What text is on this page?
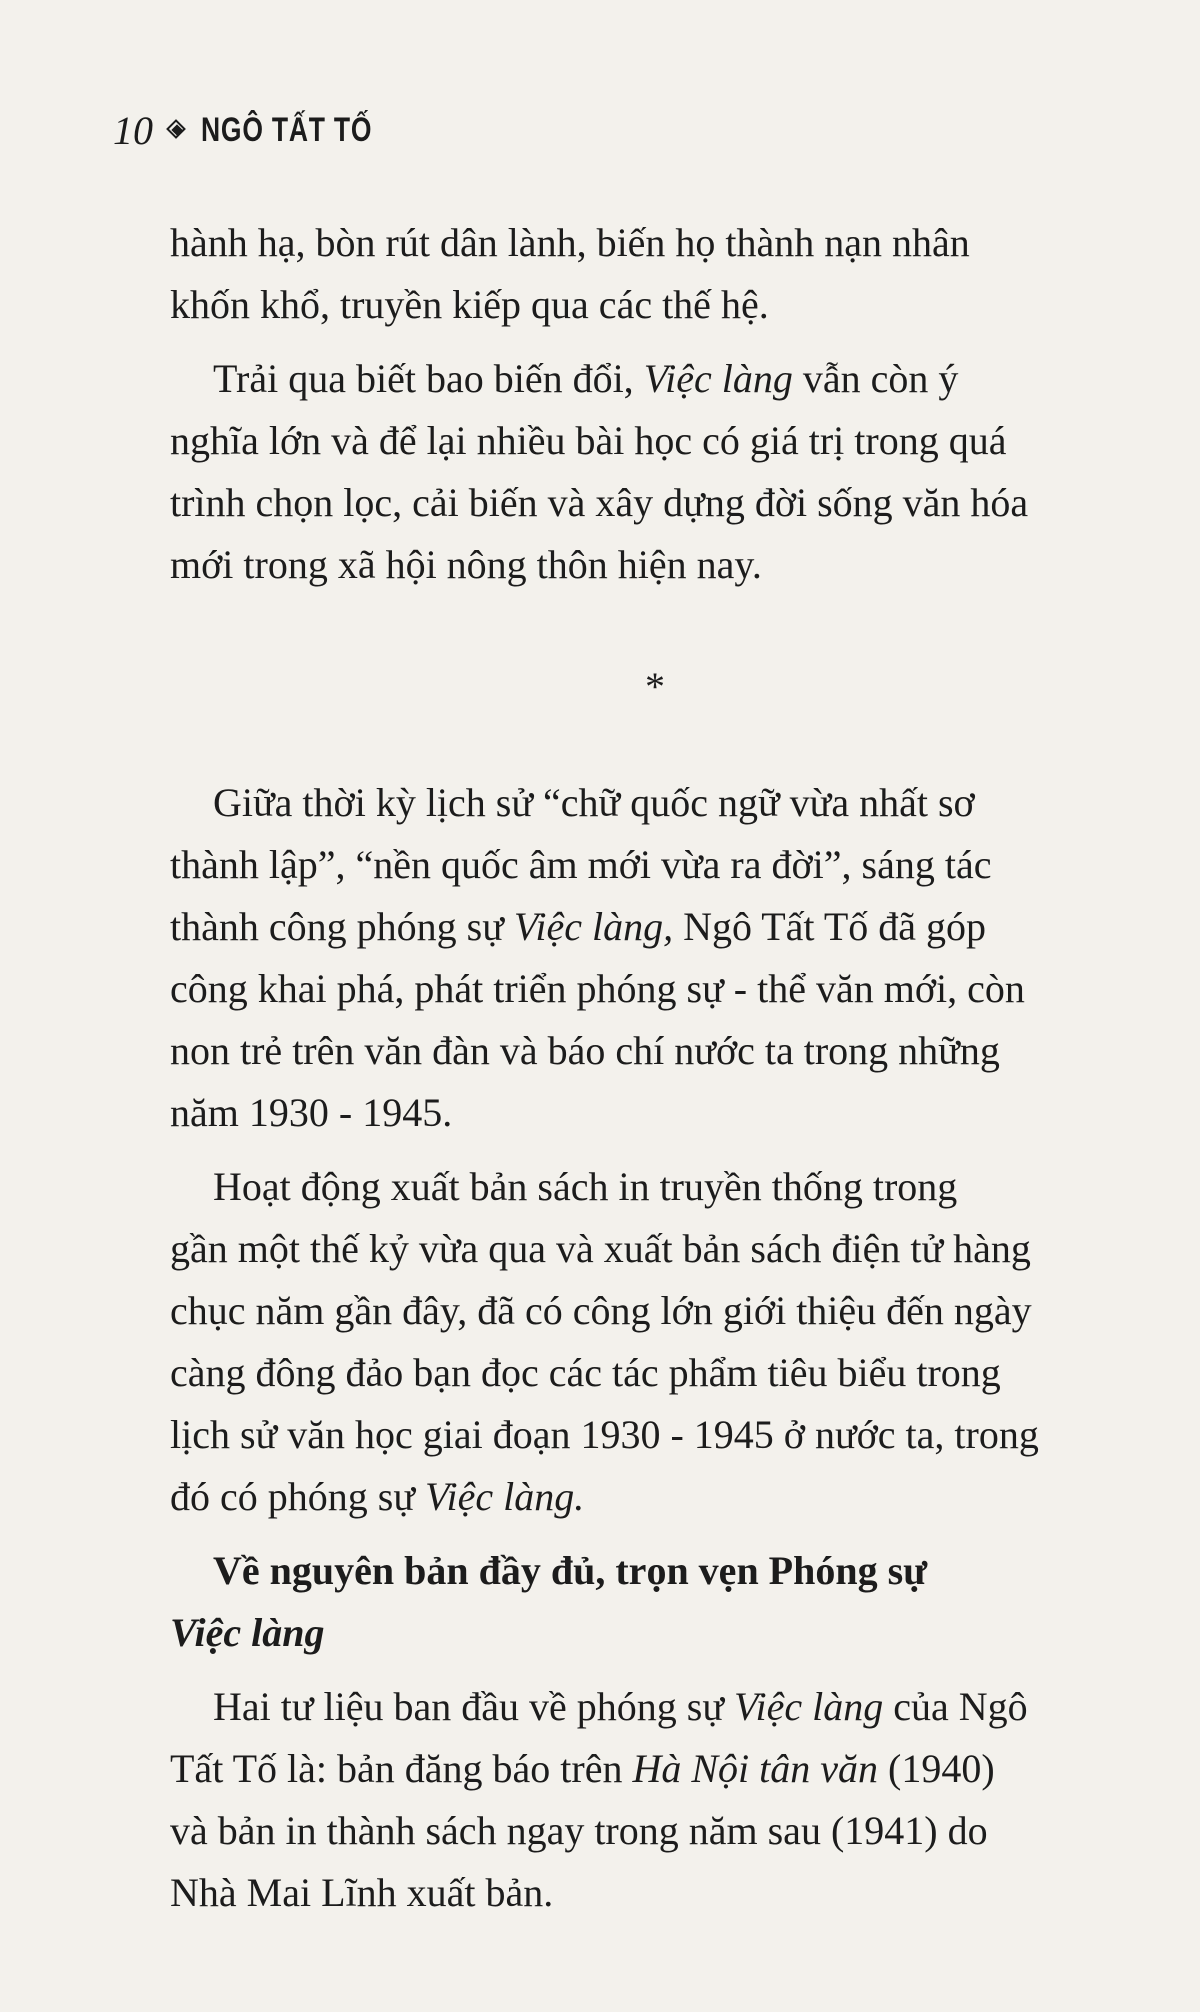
10 NGÔ TẤT TỐ
hành hạ, bòn rút dân lành, biến họ thành nạn nhân
khốn khổ, truyền kiếp qua các thế hệ.
Trải qua biết bao biến đổi, Việc làng vẫn còn ý
nghĩa lớn và để lại nhiều bài học có giá trị trong quá
trình chọn lọc, cải biến và xây dựng đời sống văn hóa
mới trong xã hội nông thôn hiện nay.
*
Giữa thời kỳ lịch sử “chữ quốc ngữ vừa nhất sơ
thành lập”, “nền quốc âm mới vừa ra đời”, sáng tác
thành công phóng sự Việc làng, Ngô Tất Tố đã góp
công khai phá, phát triển phóng sự - thể văn mới, còn
non trẻ trên văn đàn và báo chí nước ta trong những
năm 1930 - 1945.
Hoạt động xuất bản sách in truyền thống trong
gần một thế kỷ vừa qua và xuất bản sách điện tử hàng
chục năm gần đây, đã có công lớn giới thiệu đến ngày
càng đông đảo bạn đọc các tác phẩm tiêu biểu trong
lịch sử văn học giai đoạn 1930 - 1945 ở nước ta, trong
đó có phóng sự Việc làng.
Về nguyên bản đầy đủ, trọn vẹn Phóng sự
Việc làng
Hai tư liệu ban đầu về phóng sự Việc làng của Ngô
Tất Tố là: bản đăng báo trên Hà Nội tân văn (1940)
và bản in thành sách ngay trong năm sau (1941) do
Nhà Mai Lĩnh xuất bản.
